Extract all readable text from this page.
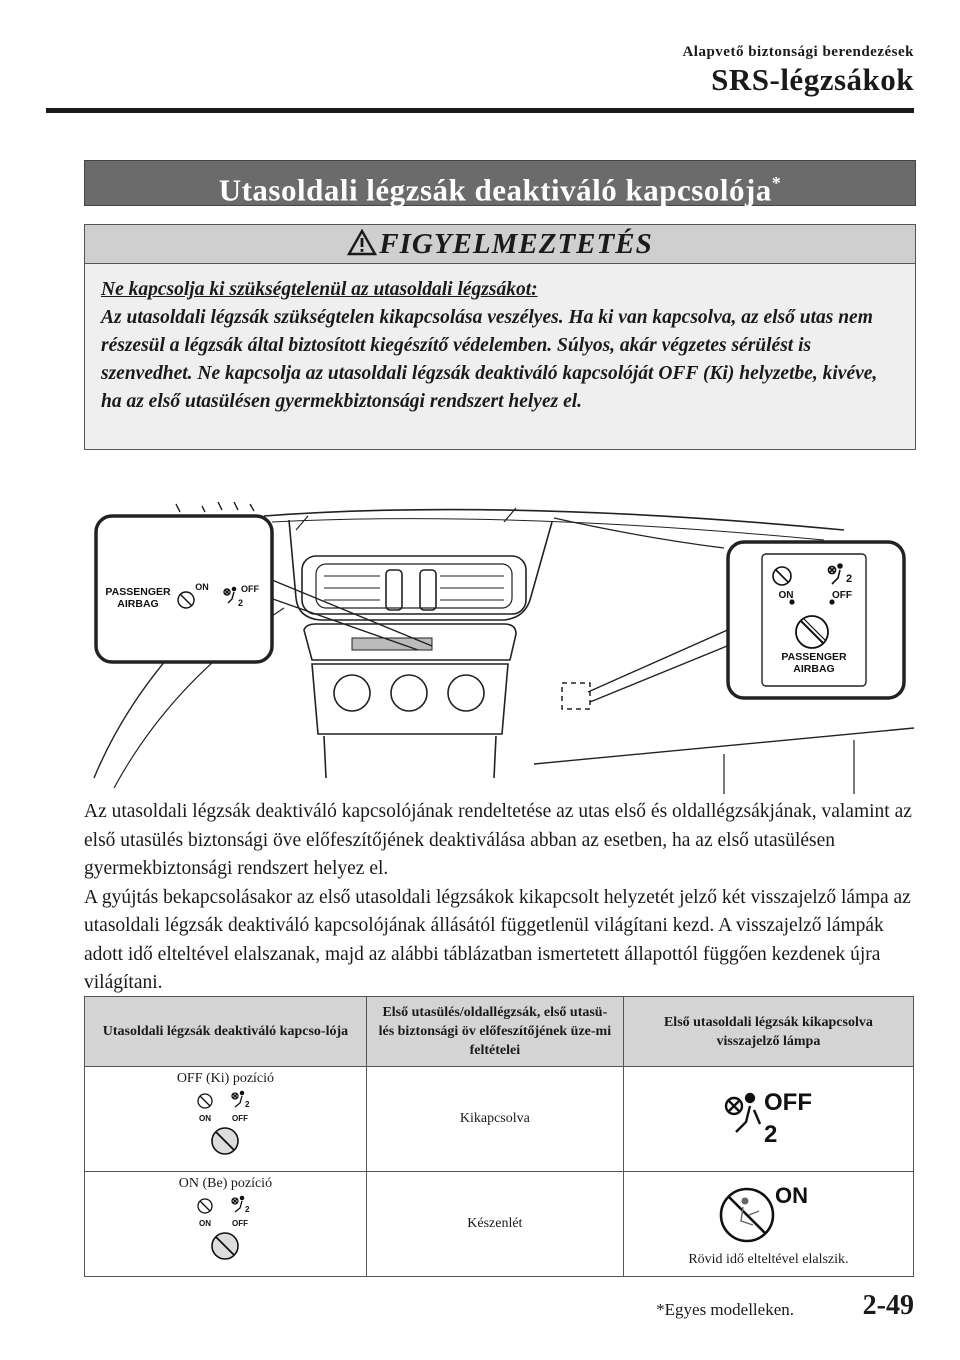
Alapvető biztonsági berendezések
SRS-légzsákok
Utasoldali légzsák deaktiváló kapcsolója*
FIGYELMEZTETÉS
Ne kapcsolja ki szükségtelenül az utasoldali légzsákot:
Az utasoldali légzsák szükségtelen kikapcsolása veszélyes. Ha ki van kapcsolva, az első utas nem részesül a légzsák által biztosított kiegészítő védelemben. Súlyos, akár végzetes sérülést is szenvedhet. Ne kapcsolja az utasoldali légzsák deaktiváló kapcsolóját OFF (Ki) helyzetbe, kivéve, ha az első utasülésen gyermekbiztonsági rendszert helyez el.
PASSENGER
AIRBAG
ON	OFF
2
2
ON	OFF
PASSENGER
AIRBAG

Az utasoldali légzsák deaktiváló kapcsolójának rendeltetése az utas első és oldallégzsákjának, valamint az első utasülés biztonsági öve előfeszítőjének deaktiválása abban az esetben, ha az első utasülésen gyermekbiztonsági rendszert helyez el.

A gyújtás bekapcsolásakor az első utasoldali légzsákok kikapcsolt helyzetét jelző két visszajelző lámpa az utasoldali légzsák deaktiváló kapcsolójának állásától függetlenül világítani kezd. A visszajelző lámpák adott idő elteltével elalszanak, majd az alábbi táblázatban ismertetett állapottól függően kezdenek újra világítani.

Utasoldali légzsák deaktiváló kapcso-lója	Első utasülés/oldallégzsák, első utasü-lés biztonsági öv előfeszítőjének üze-mi feltételei	Első utasoldali légzsák kikapcsolva visszajelző lámpa

OFF (Ki) pozíció
2
ON OFF	Kikapcsolva	OFF
2

ON (Be) pozíció
2
ON OFF	Készenlét	ON
Rövid idő elteltével elalszik.
*Egyes modelleken. 2-49
